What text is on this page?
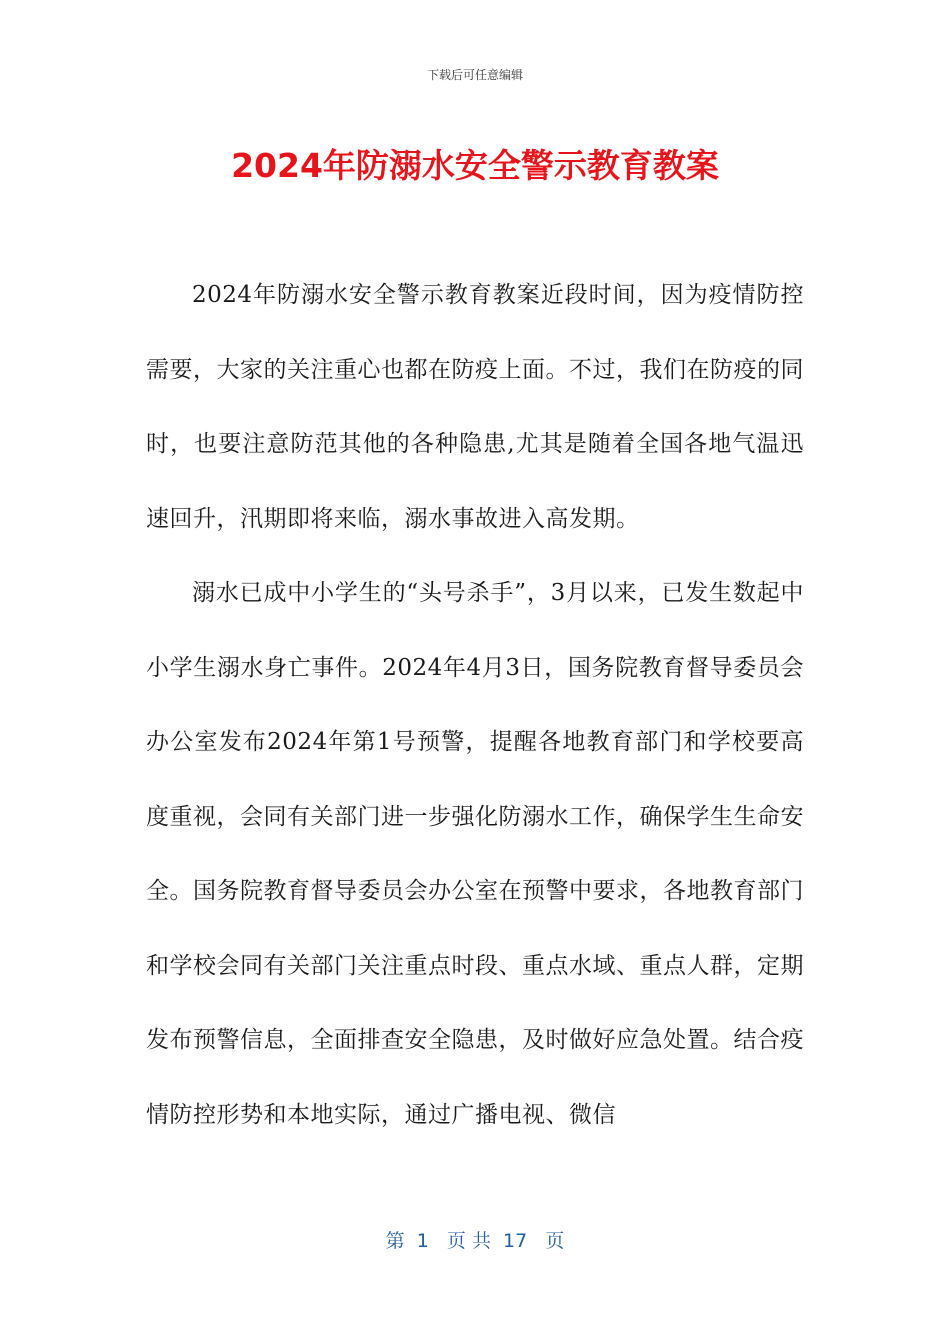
下载后可任意编辑
2024年防溺水安全警示教育教案

2024年防溺水安全警示教育教案近段时间，因为疫情防控需要，大家的关注重心也都在防疫上面。不过，我们在防疫的同时，也要注意防范其他的各种隐患,尤其是随着全国各地气温迅速回升，汛期即将来临，溺水事故进入高发期。

溺水已成中小学生的“头号杀手”，3月以来，已发生数起中小学生溺水身亡事件。2024年4月3日，国务院教育督导委员会办公室发布2024年第1号预警，提醒各地教育部门和学校要高度重视，会同有关部门进一步强化防溺水工作，确保学生生命安全。国务院教育督导委员会办公室在预警中要求，各地教育部门和学校会同有关部门关注重点时段、重点水域、重点人群，定期发布预警信息，全面排查安全隐患，及时做好应急处置。结合疫情防控形势和本地实际，通过广播电视、微信

第  1   页 共  17   页
